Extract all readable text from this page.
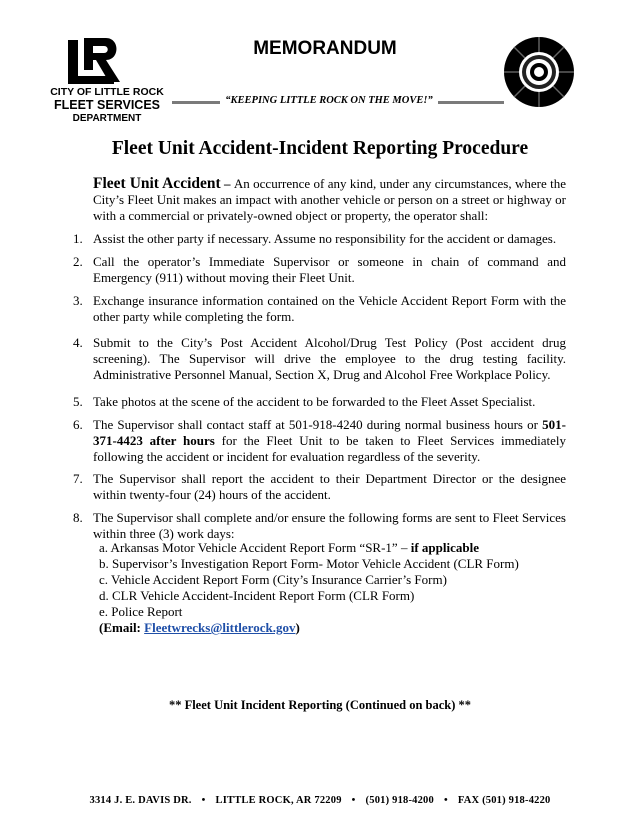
CITY OF LITTLE ROCK
FLEET SERVICES
DEPARTMENT
MEMORANDUM
“KEEPING LITTLE ROCK ON THE MOVE!”
Fleet Unit Accident-Incident Reporting Procedure
Fleet Unit Accident – An occurrence of any kind, under any circumstances, where the City’s Fleet Unit makes an impact with another vehicle or person on a street or highway or with a commercial or privately-owned object or property, the operator shall:
1. Assist the other party if necessary. Assume no responsibility for the accident or damages.
2. Call the operator’s Immediate Supervisor or someone in chain of command and Emergency (911) without moving their Fleet Unit.
3. Exchange insurance information contained on the Vehicle Accident Report Form with the other party while completing the form.
4. Submit to the City’s Post Accident Alcohol/Drug Test Policy (Post accident drug screening). The Supervisor will drive the employee to the drug testing facility. Administrative Personnel Manual, Section X, Drug and Alcohol Free Workplace Policy.
5. Take photos at the scene of the accident to be forwarded to the Fleet Asset Specialist.
6. The Supervisor shall contact staff at 501-918-4240 during normal business hours or 501-371-4423 after hours for the Fleet Unit to be taken to Fleet Services immediately following the accident or incident for evaluation regardless of the severity.
7. The Supervisor shall report the accident to their Department Director or the designee within twenty-four (24) hours of the accident.
8. The Supervisor shall complete and/or ensure the following forms are sent to Fleet Services within three (3) work days:
a. Arkansas Motor Vehicle Accident Report Form “SR-1” – if applicable
b. Supervisor’s Investigation Report Form- Motor Vehicle Accident (CLR Form)
c. Vehicle Accident Report Form (City’s Insurance Carrier’s Form)
d. CLR Vehicle Accident-Incident Report Form (CLR Form)
e. Police Report
(Email: Fleetwrecks@littlerock.gov)
** Fleet Unit Incident Reporting (Continued on back) **
3314 J. E. DAVIS DR. • LITTLE ROCK, AR 72209 • (501) 918-4200 • FAX (501) 918-4220
